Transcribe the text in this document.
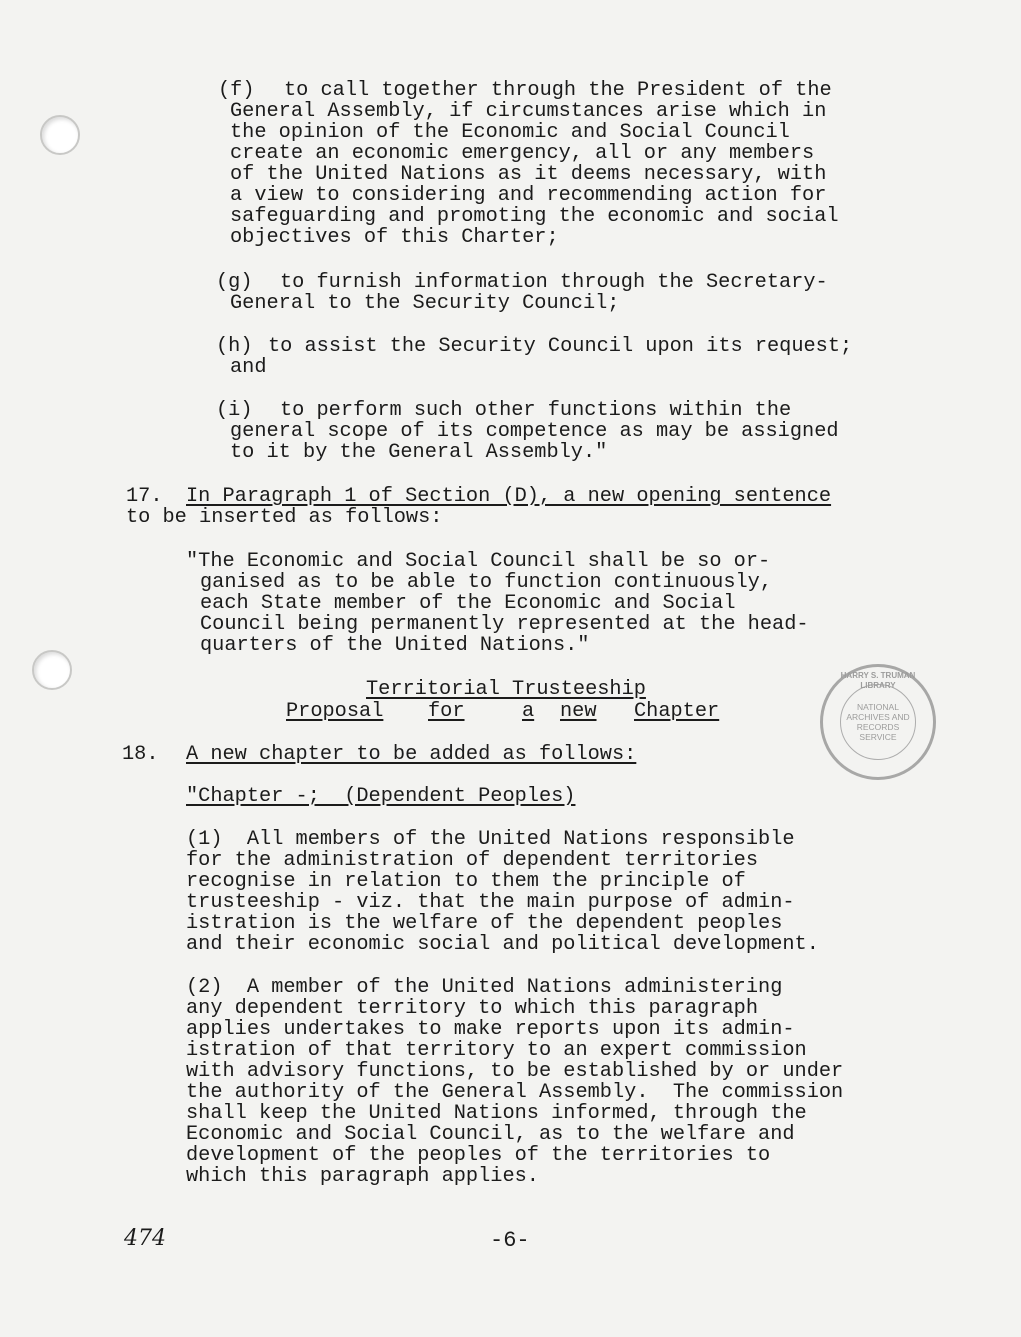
(f) to call together through the President of the
General Assembly, if circumstances arise which in
the opinion of the Economic and Social Council
create an economic emergency, all or any members
of the United Nations as it deems necessary, with
a view to considering and recommending action for
safeguarding and promoting the economic and social
objectives of this Charter;
(g) to furnish information through the Secretary-
General to the Security Council;
(h) to assist the Security Council upon its request;
and
(i) to perform such other functions within the
general scope of its competence as may be assigned
to it by the General Assembly."
17. In Paragraph 1 of Section (D), a new opening sentence
to be inserted as follows:
"The Economic and Social Council shall be so or-
ganised as to be able to function continuously,
each State member of the Economic and Social
Council being permanently represented at the head-
quarters of the United Nations."
Territorial Trusteeship
Proposal for	a new Chapter
18. A new chapter to be added as follows:
"Chapter -;  (Dependent Peoples)
(1)  All members of the United Nations responsible
for the administration of dependent territories
recognise in relation to them the principle of
trusteeship - viz. that the main purpose of admin-
istration is the welfare of the dependent peoples
and their economic social and political development.
(2)  A member of the United Nations administering
any dependent territory to which this paragraph
applies undertakes to make reports upon its admin-
istration of that territory to an expert commission
with advisory functions, to be established by or under
the authority of the General Assembly.  The commission
shall keep the United Nations informed, through the
Economic and Social Council, as to the welfare and
development of the peoples of the territories to
which this paragraph applies.
HARRY S. TRUMAN LIBRARY
NATIONAL
ARCHIVES AND
RECORDS
SERVICE
474	-6-
